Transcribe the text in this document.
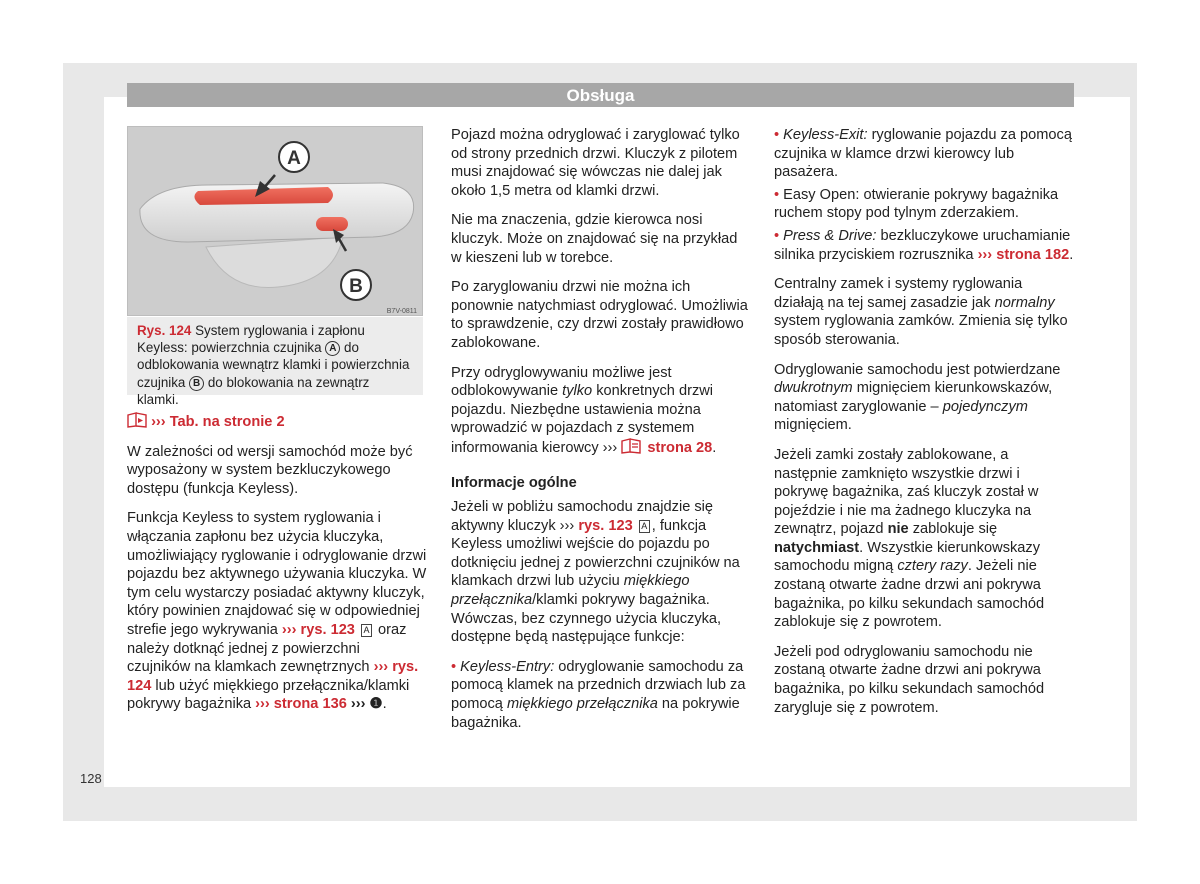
Obsługa
A
B
B7V-0811
Rys. 124 System ryglowania i zapłonu Keyless: powierzchnia czujnika A do odblokowania wewnątrz klamki i powierzchnia czujnika B do blokowania na zewnątrz klamki.

››› Tab. na stronie 2

W zależności od wersji samochód może być wyposażony w system bezkluczykowego dostępu (funkcja Keyless).

Funkcja Keyless to system ryglowania i włączania zapłonu bez użycia kluczyka, umożliwiający ryglowanie i odryglowanie drzwi pojazdu bez aktywnego używania kluczyka. W tym celu wystarczy posiadać aktywny kluczyk, który powinien znajdować się w odpowiedniej strefie jego wykrywania ››› rys. 123 A oraz należy dotknąć jednej z powierzchni czujników na klamkach zewnętrznych ››› rys. 124 lub użyć miękkiego przełącznika/klamki pokrywy bagażnika ››› strona 136 ››› ❶.

Pojazd można odryglować i zaryglować tylko od strony przednich drzwi. Kluczyk z pilotem musi znajdować się wówczas nie dalej jak około 1,5 metra od klamki drzwi.

Nie ma znaczenia, gdzie kierowca nosi kluczyk. Może on znajdować się na przykład w kieszeni lub w torebce.

Po zaryglowaniu drzwi nie można ich ponownie natychmiast odryglować. Umożliwia to sprawdzenie, czy drzwi zostały prawidłowo zablokowane.

Przy odryglowywaniu możliwe jest odblokowywanie tylko konkretnych drzwi pojazdu. Niezbędne ustawienia można wprowadzić w pojazdach z systemem informowania kierowcy ›››  strona 28.

Informacje ogólne

Jeżeli w pobliżu samochodu znajdzie się aktywny kluczyk ››› rys. 123 A , funkcja Keyless umożliwi wejście do pojazdu po dotknięciu jednej z powierzchni czujników na klamkach drzwi lub użyciu miękkiego przełącznika/klamki pokrywy bagażnika. Wówczas, bez czynnego użycia kluczyka, dostępne będą następujące funkcje:

• Keyless-Entry: odryglowanie samochodu za pomocą klamek na przednich drzwiach lub za pomocą miękkiego przełącznika na pokrywie bagażnika.

• Keyless-Exit: ryglowanie pojazdu za pomocą czujnika w klamce drzwi kierowcy lub pasażera.

• Easy Open: otwieranie pokrywy bagażnika ruchem stopy pod tylnym zderzakiem.

• Press & Drive: bezkluczykowe uruchamianie silnika przyciskiem rozrusznika ››› strona 182.

Centralny zamek i systemy ryglowania działają na tej samej zasadzie jak normalny system ryglowania zamków. Zmienia się tylko sposób sterowania.

Odryglowanie samochodu jest potwierdzane dwukrotnym mignięciem kierunkowskazów, natomiast zaryglowanie – pojedynczym mignięciem.

Jeżeli zamki zostały zablokowane, a następnie zamknięto wszystkie drzwi i pokrywę bagażnika, zaś kluczyk został w pojeździe i nie ma żadnego kluczyka na zewnątrz, pojazd nie zablokuje się natychmiast. Wszystkie kierunkowskazy samochodu migną cztery razy. Jeżeli nie zostaną otwarte żadne drzwi ani pokrywa bagażnika, po kilku sekundach samochód zablokuje się z powrotem.

Jeżeli pod odryglowaniu samochodu nie zostaną otwarte żadne drzwi ani pokrywa bagażnika, po kilku sekundach samochód zarygluje się z powrotem.

128
